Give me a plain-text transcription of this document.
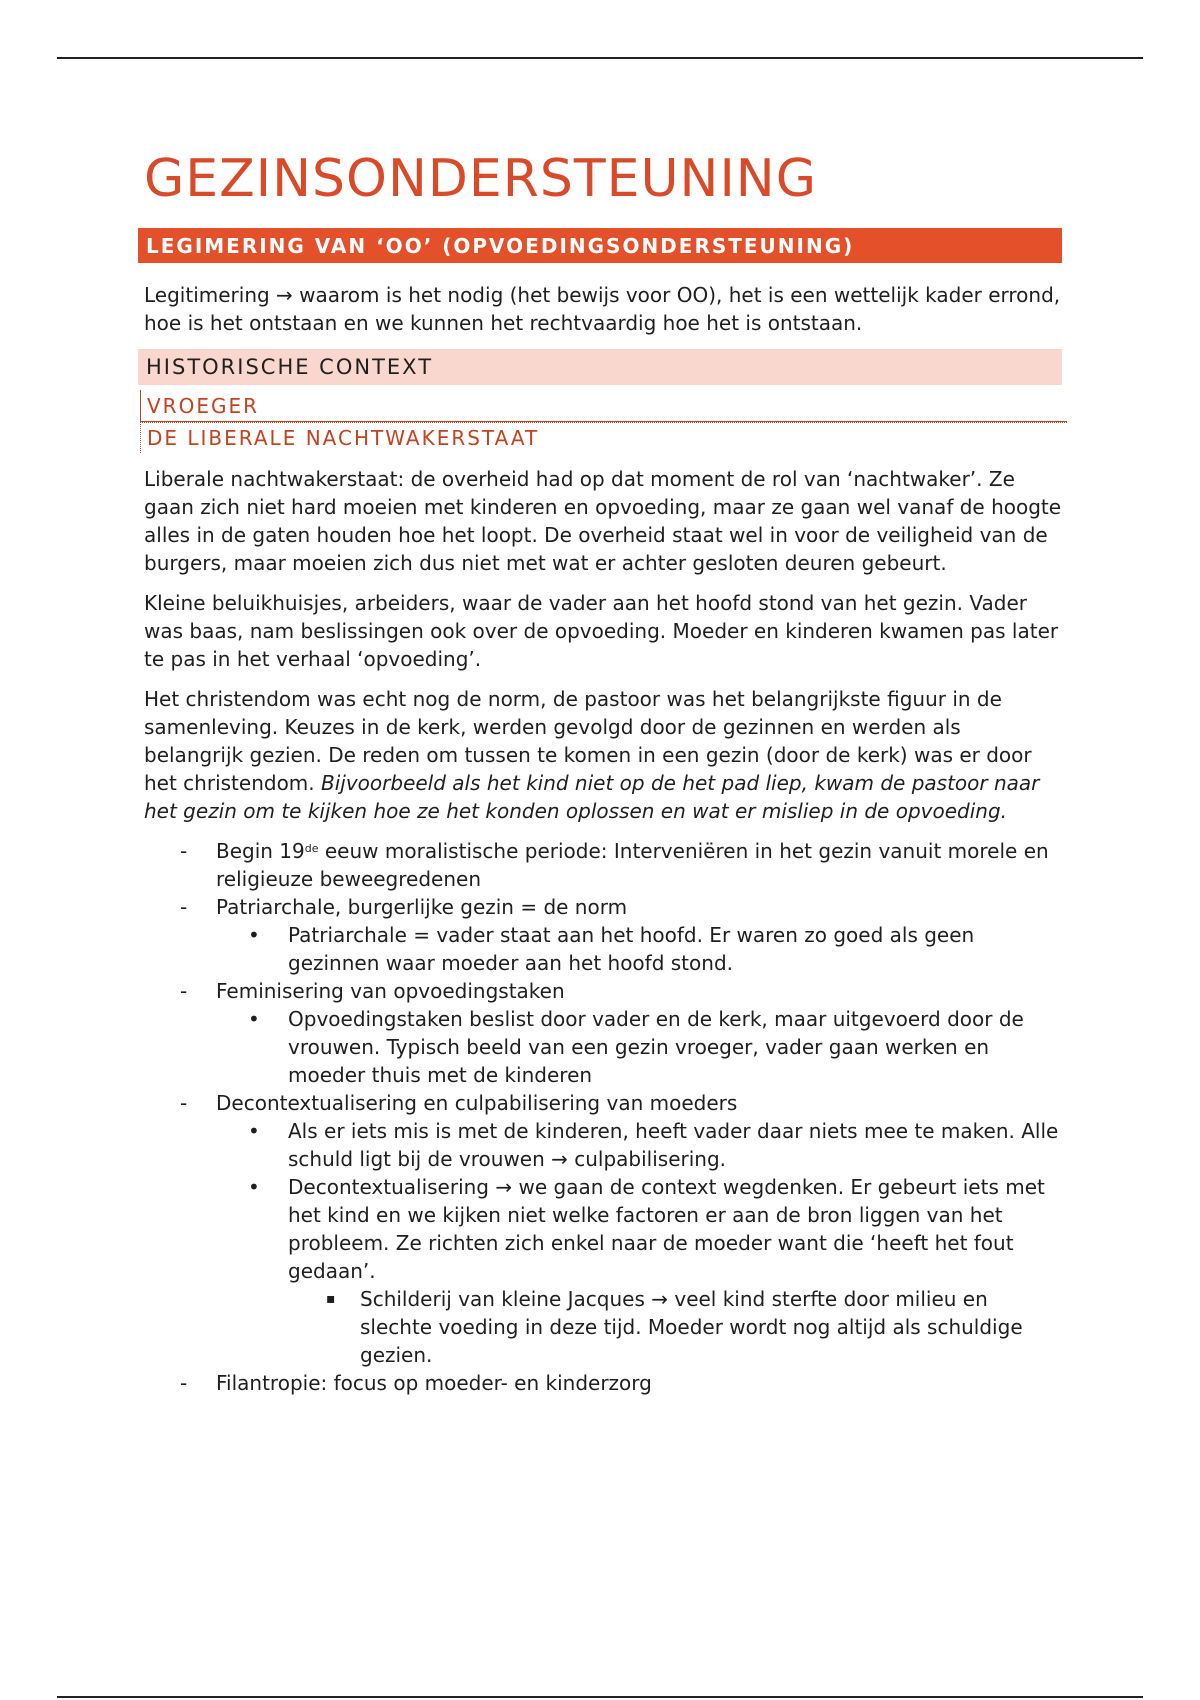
GEZINSONDERSTEUNING
LEGIMERING VAN ‘OO’ (OPVOEDINGSONDERSTEUNING)

Legitimering → waarom is het nodig (het bewijs voor OO), het is een wettelijk kader errond, hoe is het ontstaan en we kunnen het rechtvaardig hoe het is ontstaan.

HISTORISCHE CONTEXT
VROEGER
DE LIBERALE NACHTWAKERSTAAT

Liberale nachtwakerstaat: de overheid had op dat moment de rol van ‘nachtwaker’. Ze gaan zich niet hard moeien met kinderen en opvoeding, maar ze gaan wel vanaf de hoogte alles in de gaten houden hoe het loopt. De overheid staat wel in voor de veiligheid van de burgers, maar moeien zich dus niet met wat er achter gesloten deuren gebeurt.

Kleine beluikhuisjes, arbeiders, waar de vader aan het hoofd stond van het gezin. Vader was baas, nam beslissingen ook over de opvoeding. Moeder en kinderen kwamen pas later te pas in het verhaal ‘opvoeding’.

Het christendom was echt nog de norm, de pastoor was het belangrijkste figuur in de samenleving. Keuzes in de kerk, werden gevolgd door de gezinnen en werden als belangrijk gezien. De reden om tussen te komen in een gezin (door de kerk) was er door het christendom. Bijvoorbeeld als het kind niet op de het pad liep, kwam de pastoor naar het gezin om te kijken hoe ze het konden oplossen en wat er misliep in de opvoeding.

- Begin 19de eeuw moralistische periode: Interveniëren in het gezin vanuit morele en religieuze beweegredenen
- Patriarchale, burgerlijke gezin = de norm
• Patriarchale = vader staat aan het hoofd. Er waren zo goed als geen gezinnen waar moeder aan het hoofd stond.
- Feminisering van opvoedingstaken
• Opvoedingstaken beslist door vader en de kerk, maar uitgevoerd door de vrouwen. Typisch beeld van een gezin vroeger, vader gaan werken en moeder thuis met de kinderen
- Decontextualisering en culpabilisering van moeders
• Als er iets mis is met de kinderen, heeft vader daar niets mee te maken. Alle schuld ligt bij de vrouwen → culpabilisering.
• Decontextualisering → we gaan de context wegdenken. Er gebeurt iets met het kind en we kijken niet welke factoren er aan de bron liggen van het probleem. Ze richten zich enkel naar de moeder want die ‘heeft het fout gedaan’.
▪ Schilderij van kleine Jacques → veel kind sterfte door milieu en slechte voeding in deze tijd. Moeder wordt nog altijd als schuldige gezien.
- Filantropie: focus op moeder- en kinderzorg
